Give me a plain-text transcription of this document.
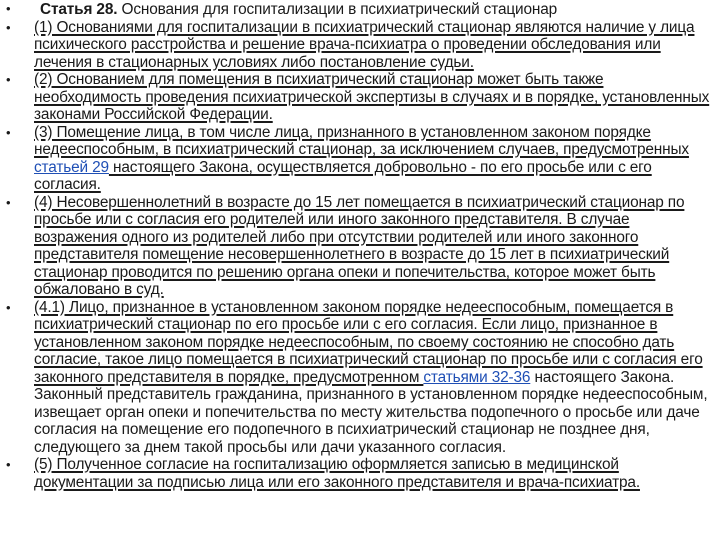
• Статья 28. Основания для госпитализации в психиатрический стационар
• (1) Основаниями для госпитализации в психиатрический стационар являются наличие у лица психического расстройства и решение врача-психиатра о проведении обследования или лечения в стационарных условиях либо постановление судьи.
• (2) Основанием для помещения в психиатрический стационар может быть также необходимость проведения психиатрической экспертизы в случаях и в порядке, установленных законами Российской Федерации.
• (3) Помещение лица, в том числе лица, признанного в установленном законом порядке недееспособным, в психиатрический стационар, за исключением случаев, предусмотренных статьей 29 настоящего Закона, осуществляется добровольно - по его просьбе или с его согласия.
• (4) Несовершеннолетний в возрасте до 15 лет помещается в психиатрический стационар по просьбе или с согласия его родителей или иного законного представителя. В случае возражения одного из родителей либо при отсутствии родителей или иного законного представителя помещение несовершеннолетнего в возрасте до 15 лет в психиатрический стационар проводится по решению органа опеки и попечительства, которое может быть обжаловано в суд.
• (4.1) Лицо, признанное в установленном законом порядке недееспособным, помещается в психиатрический стационар по его просьбе или с его согласия. Если лицо, признанное в установленном законом порядке недееспособным, по своему состоянию не способно дать согласие, такое лицо помещается в психиатрический стационар по просьбе или с согласия его законного представителя в порядке, предусмотренном статьями 32-36 настоящего Закона. Законный представитель гражданина, признанного в установленном порядке недееспособным, извещает орган опеки и попечительства по месту жительства подопечного о просьбе или даче согласия на помещение его подопечного в психиатрический стационар не позднее дня, следующего за днем такой просьбы или дачи указанного согласия.
• (5) Полученное согласие на госпитализацию оформляется записью в медицинской документации за подписью лица или его законного представителя и врача-психиатра.
